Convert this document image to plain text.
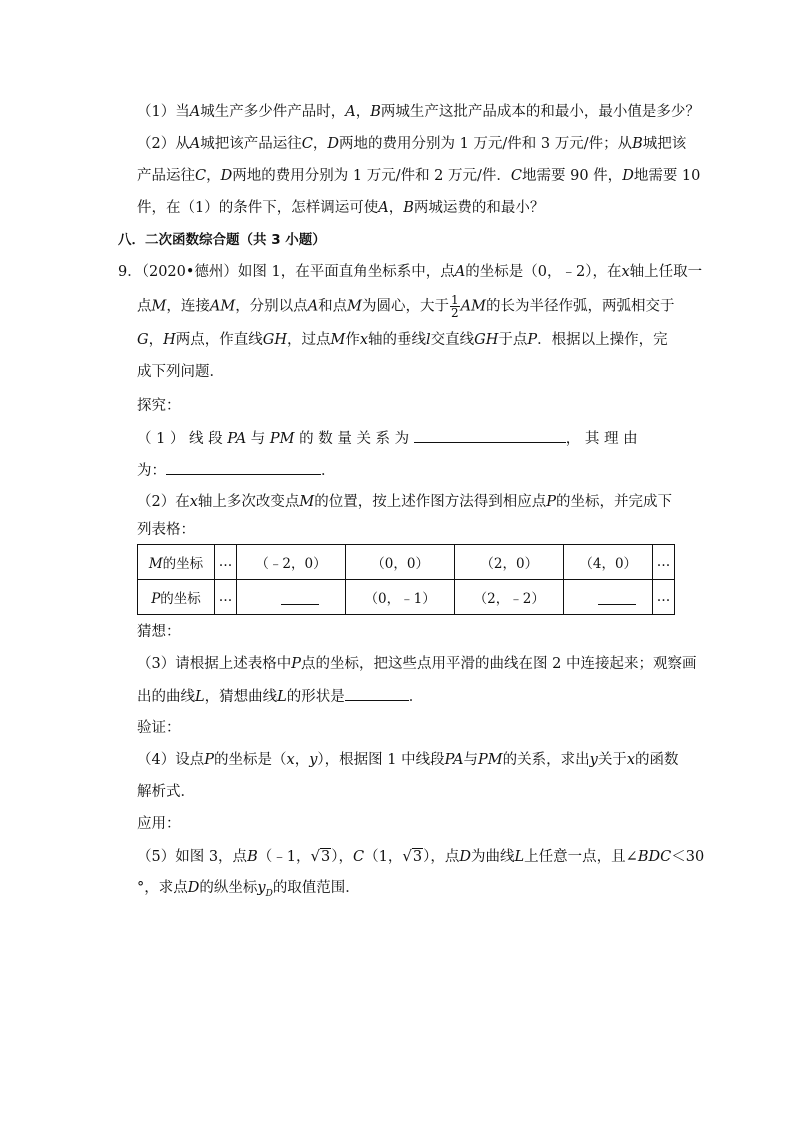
（1）当A城生产多少件产品时，A，B两城生产这批产品成本的和最小，最小值是多少？
（2）从A城把该产品运往C，D两地的费用分别为 1 万元/件和 3 万元/件；从B城把该
产品运往C，D两地的费用分别为 1 万元/件和 2 万元/件．C地需要 90 件，D地需要 10
件，在（1）的条件下，怎样调运可使A，B两城运费的和最小？
八．二次函数综合题（共 3 小题）
9．（2020•德州）如图 1，在平面直角坐标系中，点A的坐标是（0，﹣2），在x轴上任取一
点M，连接AM，分别以点A和点M为圆心，大于 $\frac{1}{2}$ AM的长为半径作弧，两弧相交于
G，H两点，作直线GH，过点M作x轴的垂线l交直线GH于点P．根据以上操作，完
成下列问题．
探究：
（ 1 ） 线 段 PA 与 PM 的 数 量 关 系 为	， 其 理 由
为：	．
（2）在x轴上多次改变点M的位置，按上述作图方法得到相应点P的坐标，并完成下
列表格：
M的坐标	…	（﹣2，0）	（0，0）	（2，0）	（4，0）	…
P的坐标	…		（0，﹣1）	（2，﹣2）		…
猜想：
（3）请根据上述表格中P点的坐标，把这些点用平滑的曲线在图 2 中连接起来；观察画
出的曲线L，猜想曲线L的形状是	．
验证：
（4）设点P的坐标是（x，y），根据图 1 中线段PA与PM的关系，求出y关于x的函数
解析式．
应用：
（5）如图 3，点B（﹣1，√3），C（1，√3），点D为曲线L上任意一点，且∠BDC＜30
°，求点D的纵坐标$y_D$的取值范围．
